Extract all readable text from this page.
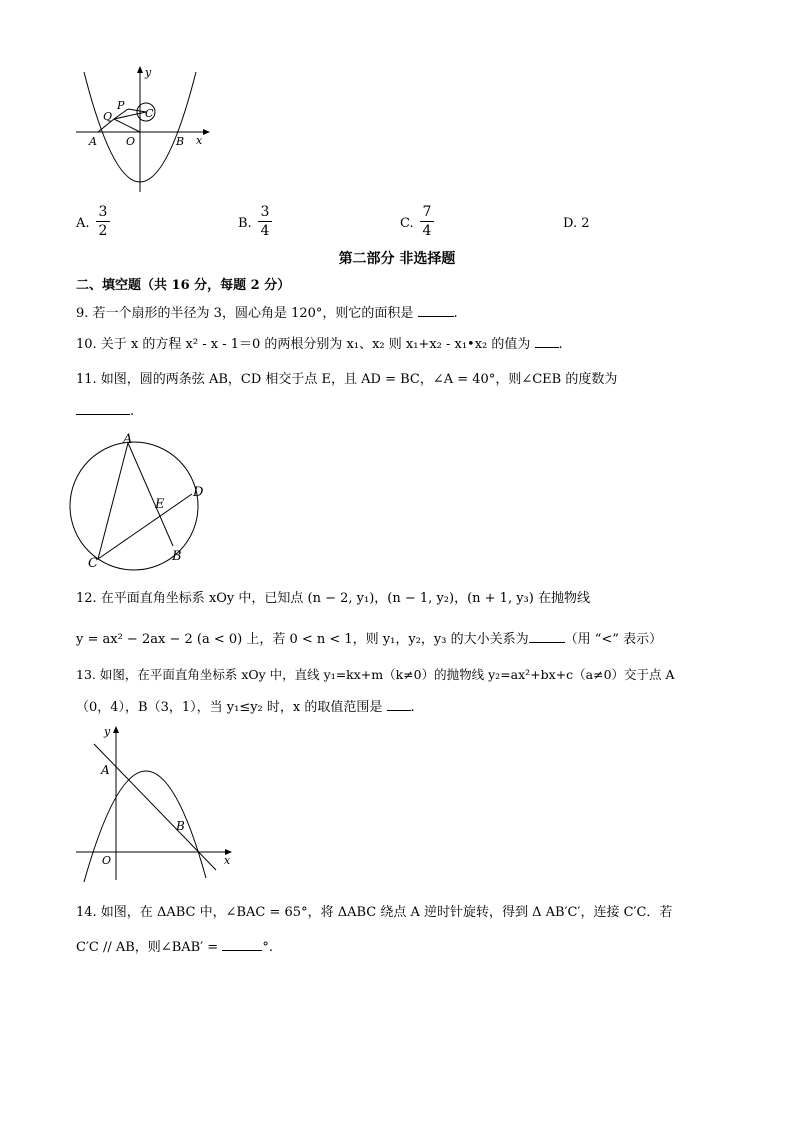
y
x
P
Q	C
A	O	B
A.
3
2	B.
3
4	C.
7
4	D. 2
第二部分 非选择题
二、填空题（共 16 分，每题 2 分）
9. 若一个扇形的半径为 3，圆心角是 120°，则它的面积是	.
10. 关于 x 的方程 x² - x - 1＝0 的两根分别为 x₁、x₂ 则 x₁+x₂ - x₁•x₂ 的值为 .
11. 如图，圆的两条弦 AB，CD 相交于点 E，且 AD = BC，∠A = 40°，则∠CEB 的度数为
.
A
D
E
B
C
12. 在平面直角坐标系 xOy 中，已知点 (n − 2, y₁)，(n − 1, y₂)，(n + 1, y₃) 在抛物线
y = ax² − 2ax − 2 (a < 0) 上，若 0 < n < 1，则 y₁，y₂，y₃ 的大小关系为	（用 “<” 表示）
13. 如图，在平面直角坐标系 xOy 中，直线 y₁=kx+m（k≠0）的抛物线 y₂=ax²+bx+c（a≠0）交于点 A
（0，4），B（3，1），当 y₁≤y₂ 时，x 的取值范围是 .
y
x
A
B
O
14. 如图，在 ΔABC 中，∠BAC = 65°，将 ΔABC 绕点 A 逆时针旋转，得到 Δ AB′C′，连接 C′C．若
C′C // AB，则∠BAB′ =	°.
